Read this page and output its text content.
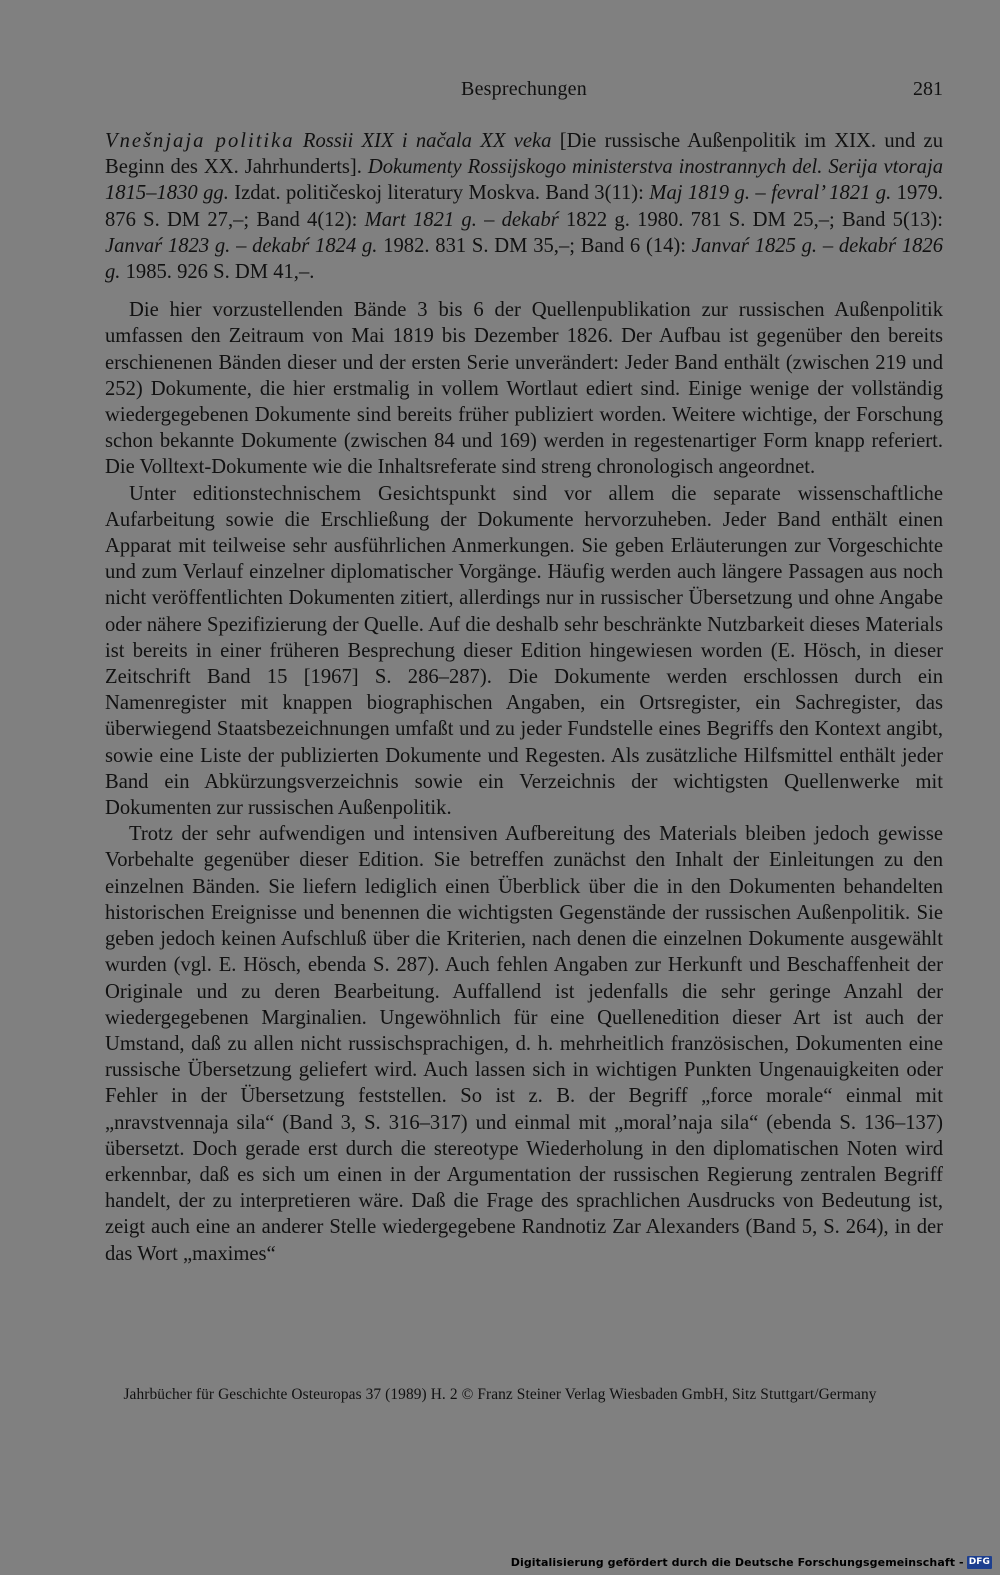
Besprechungen	281

Vnešnjaja politika Rossii XIX i načala XX veka [Die russische Außenpolitik im XIX. und zu Beginn des XX. Jahrhunderts]. Dokumenty Rossijskogo ministerstva inostrannych del. Serija vtoraja 1815–1830 gg. Izdat. političeskoj literatury Moskva. Band 3(11): Maj 1819 g. – fevral’ 1821 g. 1979. 876 S. DM 27,–; Band 4(12): Mart 1821 g. – dekabŕ 1822 g. 1980. 781 S. DM 25,–; Band 5(13): Janvaŕ 1823 g. – dekabŕ 1824 g. 1982. 831 S. DM 35,–; Band 6 (14): Janvaŕ 1825 g. – dekabŕ 1826 g. 1985. 926 S. DM 41,–.

Die hier vorzustellenden Bände 3 bis 6 der Quellenpublikation zur russischen Außenpolitik umfassen den Zeitraum von Mai 1819 bis Dezember 1826. Der Aufbau ist gegenüber den bereits erschienenen Bänden dieser und der ersten Serie unverändert: Jeder Band enthält (zwischen 219 und 252) Dokumente, die hier erstmalig in vollem Wortlaut ediert sind. Einige wenige der vollständig wiedergegebenen Dokumente sind bereits früher publiziert worden. Weitere wichtige, der Forschung schon bekannte Dokumente (zwischen 84 und 169) werden in regestenartiger Form knapp referiert. Die Volltext-Dokumente wie die Inhaltsreferate sind streng chronologisch angeordnet.

Unter editionstechnischem Gesichtspunkt sind vor allem die separate wissenschaftliche Aufarbeitung sowie die Erschließung der Dokumente hervorzuheben. Jeder Band enthält einen Apparat mit teilweise sehr ausführlichen Anmerkungen. Sie geben Erläuterungen zur Vorgeschichte und zum Verlauf einzelner diplomatischer Vorgänge. Häufig werden auch längere Passagen aus noch nicht veröffentlichten Dokumenten zitiert, allerdings nur in russischer Übersetzung und ohne Angabe oder nähere Spezifizierung der Quelle. Auf die deshalb sehr beschränkte Nutzbarkeit dieses Materials ist bereits in einer früheren Besprechung dieser Edition hingewiesen worden (E. Hösch, in dieser Zeitschrift Band 15 [1967] S. 286–287). Die Dokumente werden erschlossen durch ein Namenregister mit knappen biographischen Angaben, ein Ortsregister, ein Sachregister, das überwiegend Staatsbezeichnungen umfaßt und zu jeder Fundstelle eines Begriffs den Kontext angibt, sowie eine Liste der publizierten Dokumente und Regesten. Als zusätzliche Hilfsmittel enthält jeder Band ein Abkürzungsverzeichnis sowie ein Verzeichnis der wichtigsten Quellenwerke mit Dokumenten zur russischen Außenpolitik.

Trotz der sehr aufwendigen und intensiven Aufbereitung des Materials bleiben jedoch gewisse Vorbehalte gegenüber dieser Edition. Sie betreffen zunächst den Inhalt der Einleitungen zu den einzelnen Bänden. Sie liefern lediglich einen Überblick über die in den Dokumenten behandelten historischen Ereignisse und benennen die wichtigsten Gegenstände der russischen Außenpolitik. Sie geben jedoch keinen Aufschluß über die Kriterien, nach denen die einzelnen Dokumente ausgewählt wurden (vgl. E. Hösch, ebenda S. 287). Auch fehlen Angaben zur Herkunft und Beschaffenheit der Originale und zu deren Bearbeitung. Auffallend ist jedenfalls die sehr geringe Anzahl der wiedergegebenen Marginalien. Ungewöhnlich für eine Quellenedition dieser Art ist auch der Umstand, daß zu allen nicht russischsprachigen, d. h. mehrheitlich französischen, Dokumenten eine russische Übersetzung geliefert wird. Auch lassen sich in wichtigen Punkten Ungenauigkeiten oder Fehler in der Übersetzung feststellen. So ist z. B. der Begriff „force morale“ einmal mit „nravstvennaja sila“ (Band 3, S. 316–317) und einmal mit „moral’naja sila“ (ebenda S. 136–137) übersetzt. Doch gerade erst durch die stereotype Wiederholung in den diplomatischen Noten wird erkennbar, daß es sich um einen in der Argumentation der russischen Regierung zentralen Begriff handelt, der zu interpretieren wäre. Daß die Frage des sprachlichen Ausdrucks von Bedeutung ist, zeigt auch eine an anderer Stelle wiedergegebene Randnotiz Zar Alexanders (Band 5, S. 264), in der das Wort „maximes“

Jahrbücher für Geschichte Osteuropas 37 (1989) H. 2 © Franz Steiner Verlag Wiesbaden GmbH, Sitz Stuttgart/Germany
Digitalisierung gefördert durch die Deutsche Forschungsgemeinschaft - DFG
